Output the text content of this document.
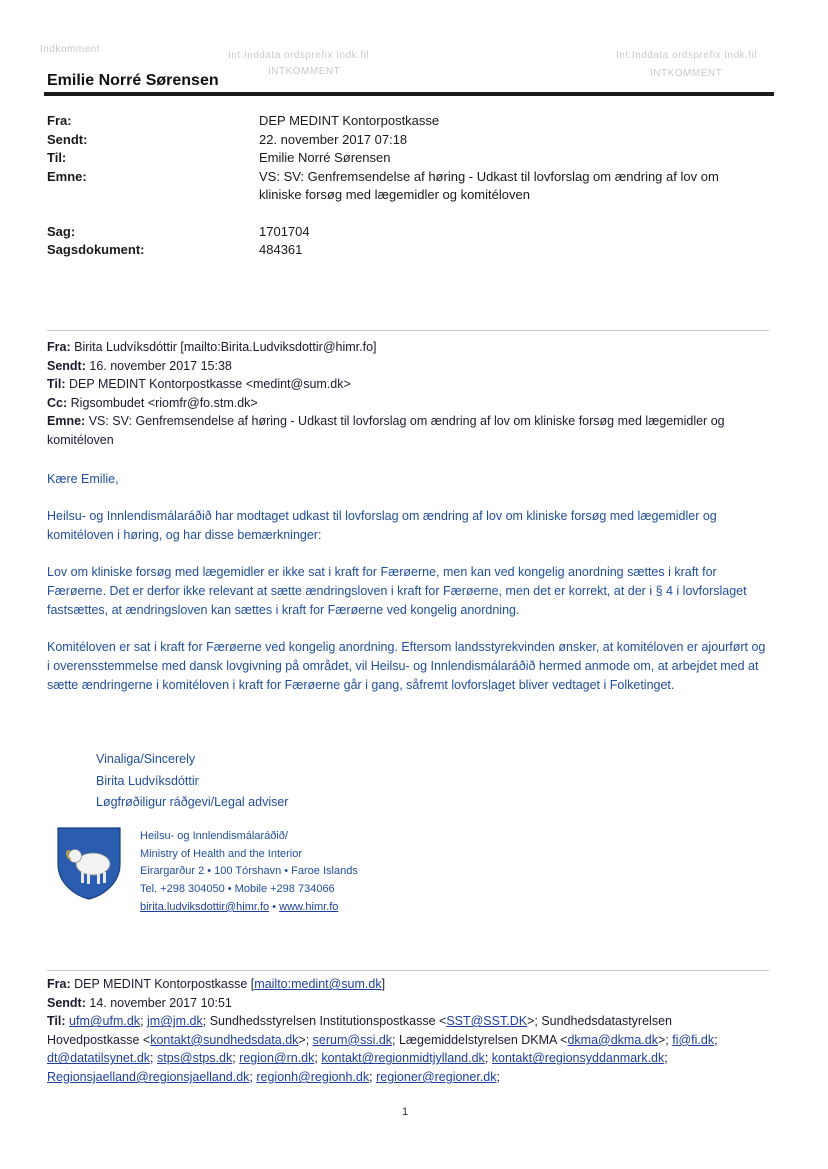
Indkomment
Int.Inddata ordsprefix Indk.fil
INTKOMMENT
Int.Inddata ordsprefix Indk.fil
INTKOMMENT
Emilie Norré Sørensen
Fra:	DEP MEDINT Kontorpostkasse
Sendt:	22. november 2017 07:18
Til:	Emilie Norré Sørensen
Emne:	VS: SV: Genfremsendelse af høring - Udkast til lovforslag om ændring af lov om kliniske forsøg med lægemidler og komitéloven
Sag:	1701704
Sagsdokument:	484361
Fra: Birita Ludvíksdóttir [mailto:Birita.Ludviksdottir@himr.fo]
Sendt: 16. november 2017 15:38
Til: DEP MEDINT Kontorpostkasse <medint@sum.dk>
Cc: Rigsombudet <riomfr@fo.stm.dk>
Emne: VS: SV: Genfremsendelse af høring - Udkast til lovforslag om ændring af lov om kliniske forsøg med lægemidler og komitéloven
Kære Emilie,
Heilsu- og Innlendismálaráðið har modtaget udkast til lovforslag om ændring af lov om kliniske forsøg med lægemidler og komitéloven i høring, og har disse bemærkninger:
Lov om kliniske forsøg med lægemidler er ikke sat i kraft for Færøerne, men kan ved kongelig anordning sættes i kraft for Færøerne. Det er derfor ikke relevant at sætte ændringsloven i kraft for Færøerne, men det er korrekt, at der i § 4 i lovforslaget fastsættes, at ændringsloven kan sættes i kraft for Færøerne ved kongelig anordning.
Komitéloven er sat i kraft for Færøerne ved kongelig anordning. Eftersom landsstyrekvinden ønsker, at komitéloven er ajourført og i overensstemmelse med dansk lovgivning på området, vil Heilsu- og Innlendismálaráðið hermed anmode om, at arbejdet med at sætte ændringerne i komitéloven i kraft for Færøerne går i gang, såfremt lovforslaget bliver vedtaget i Folketinget.
Vinaliga/Sincerely
Birita Ludvíksdóttir
Løgfrøðiligur ráðgevi/Legal adviser
Heilsu- og Innlendismálaráðið/
Ministry of Health and the Interior
Eirargarður 2 • 100 Tórshavn • Faroe Islands
Tel. +298 304050 • Mobile +298 734066
birita.ludviksdottir@himr.fo • www.himr.fo
Fra: DEP MEDINT Kontorpostkasse [mailto:medint@sum.dk]
Sendt: 14. november 2017 10:51
Til: ufm@ufm.dk; jm@jm.dk; Sundhedsstyrelsen Institutionspostkasse <SST@SST.DK>; Sundhedsdatastyrelsen Hovedpostkasse <kontakt@sundhedsdata.dk>; serum@ssi.dk; Lægemiddelstyrelsen DKMA <dkma@dkma.dk>; fi@fi.dk; dt@datatilsynet.dk; stps@stps.dk; region@rn.dk; kontakt@regionmidtjylland.dk; kontakt@regionsyddanmark.dk; Regionsjaelland@regionsjaelland.dk; regionh@regionh.dk; regioner@regioner.dk;
1
